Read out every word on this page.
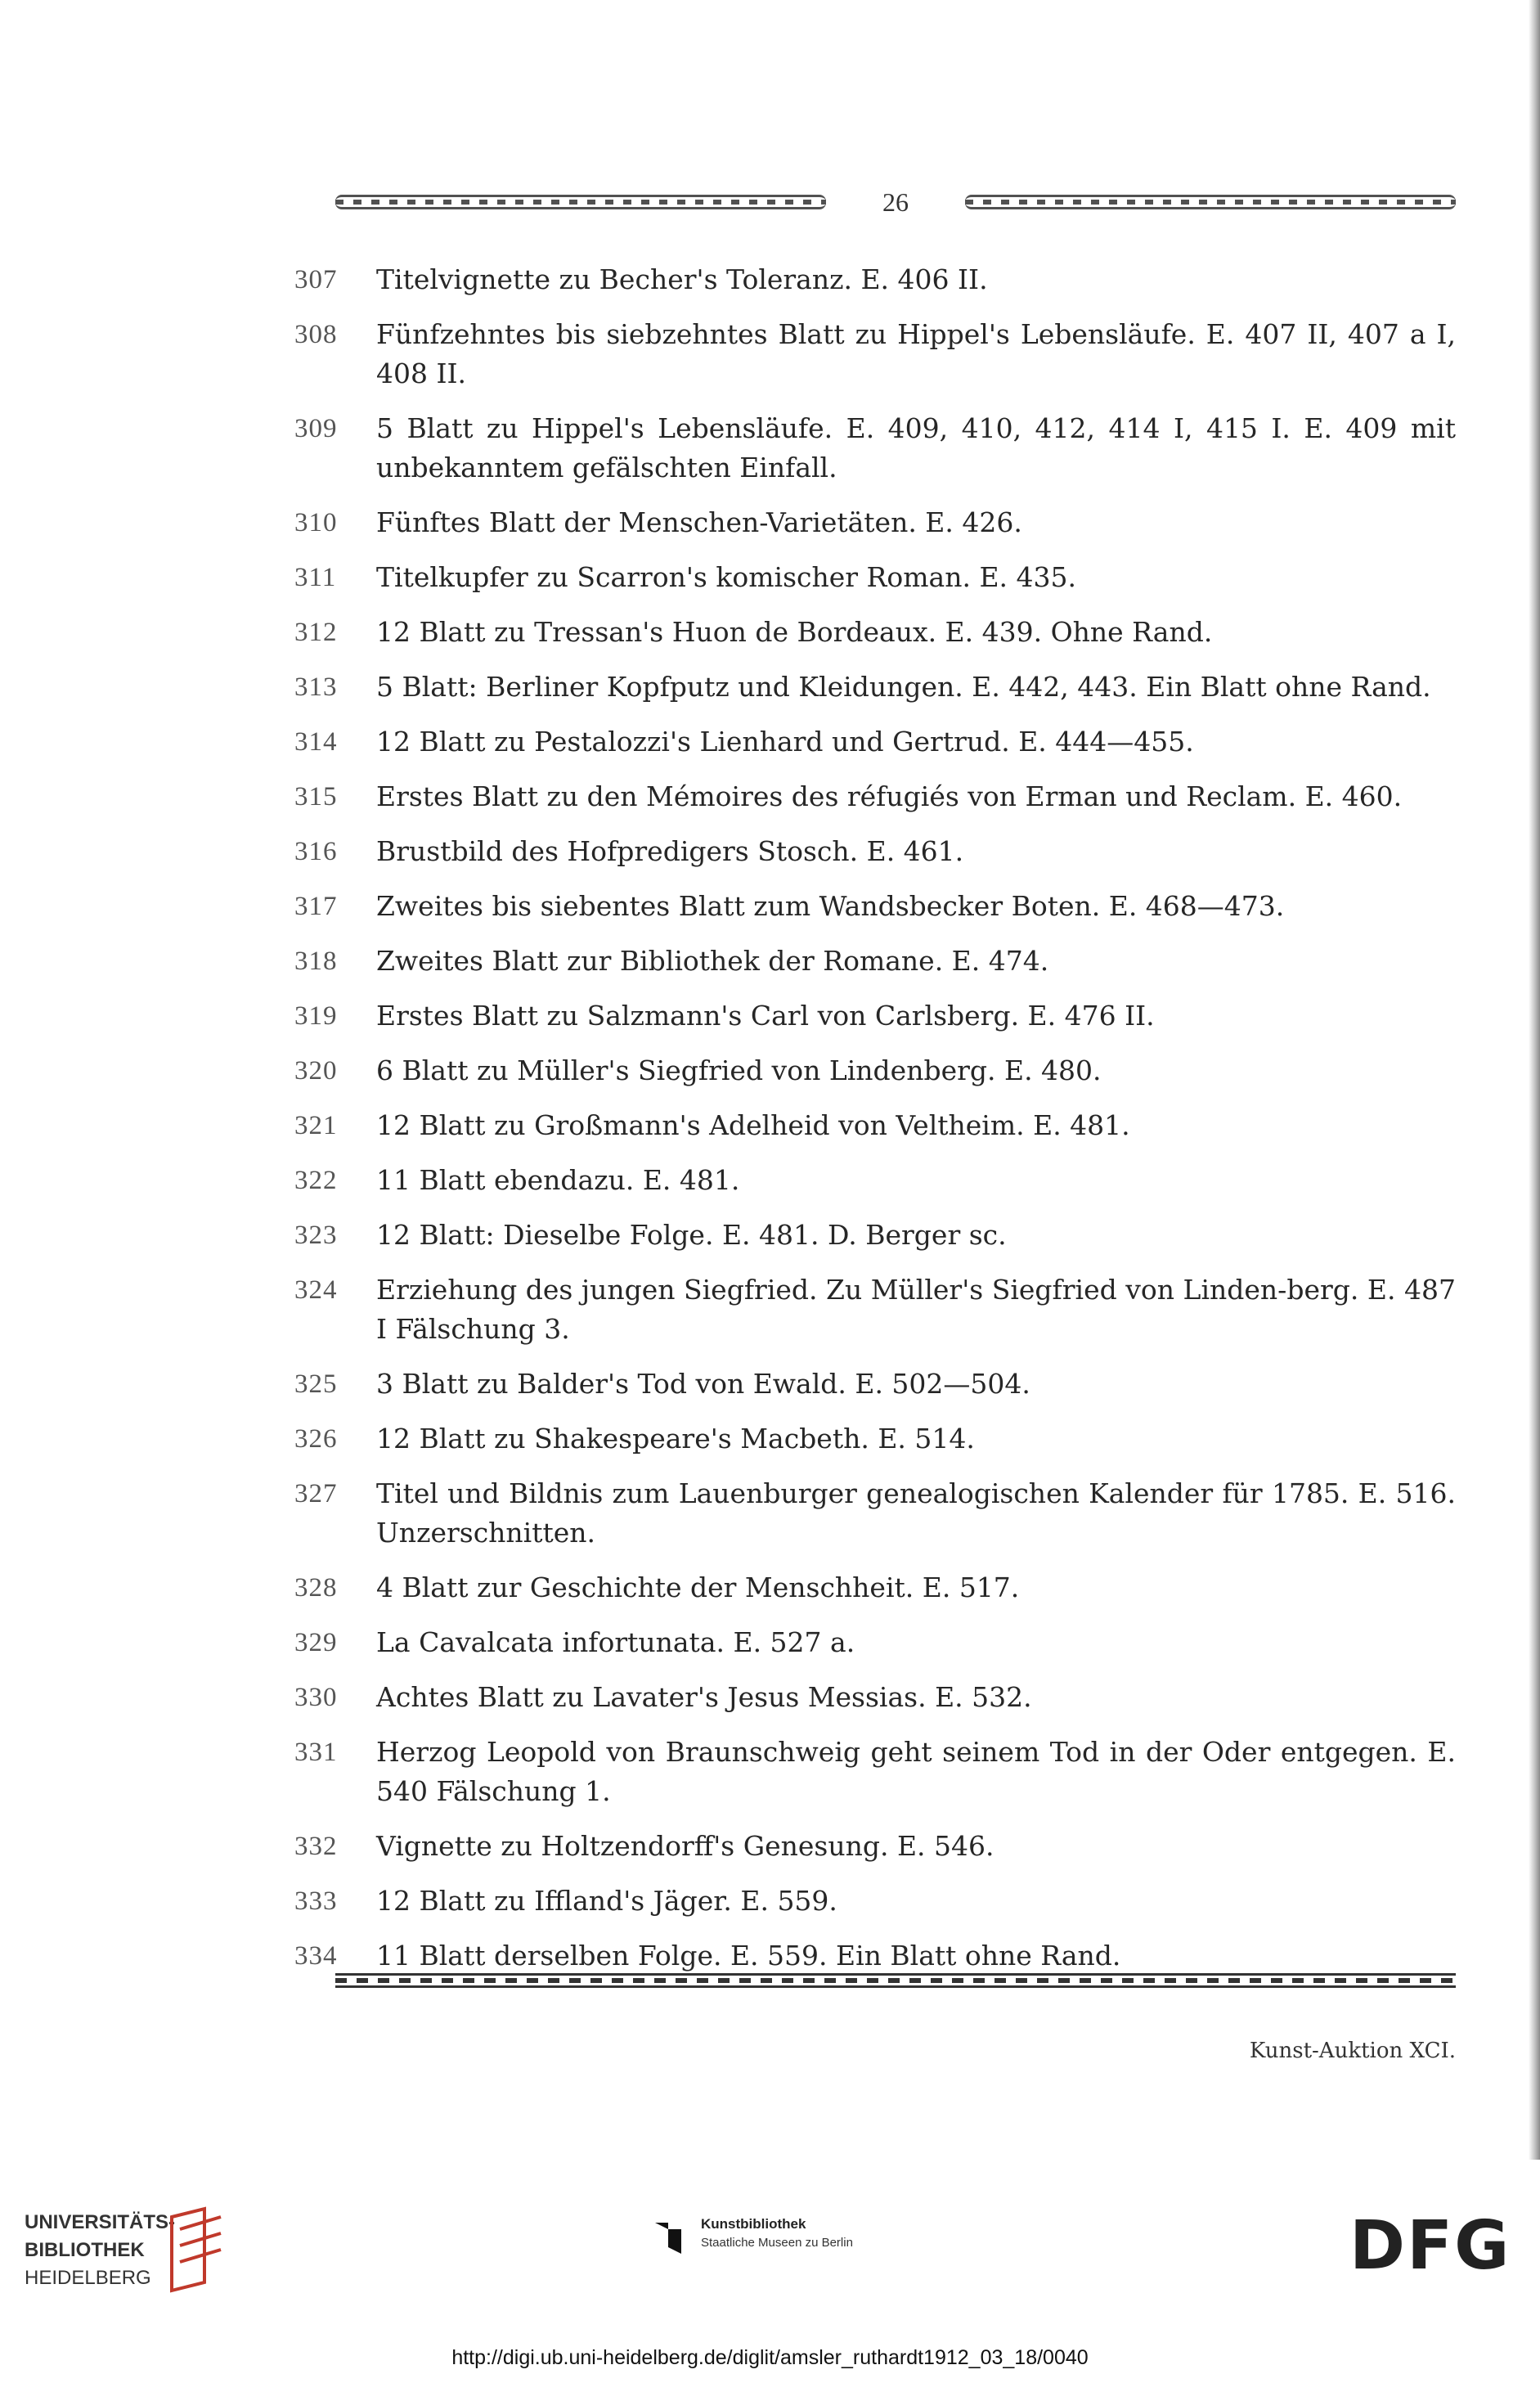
26
307	Titelvignette zu Becher's Toleranz. E. 406 II.
308	Fünfzehntes bis siebzehntes Blatt zu Hippel's Lebensläufe. E. 407 II, 407 a I, 408 II.
309	5 Blatt zu Hippel's Lebensläufe. E. 409, 410, 412, 414 I, 415 I. E. 409 mit unbekanntem gefälschten Einfall.
310	Fünftes Blatt der Menschen-Varietäten. E. 426.
311	Titelkupfer zu Scarron's komischer Roman. E. 435.
312	12 Blatt zu Tressan's Huon de Bordeaux. E. 439. Ohne Rand.
313	5 Blatt: Berliner Kopfputz und Kleidungen. E. 442, 443. Ein Blatt ohne Rand.
314	12 Blatt zu Pestalozzi's Lienhard und Gertrud. E. 444—455.
315	Erstes Blatt zu den Mémoires des réfugiés von Erman und Reclam. E. 460.
316	Brustbild des Hofpredigers Stosch. E. 461.
317	Zweites bis siebentes Blatt zum Wandsbecker Boten. E. 468—473.
318	Zweites Blatt zur Bibliothek der Romane. E. 474.
319	Erstes Blatt zu Salzmann's Carl von Carlsberg. E. 476 II.
320	6 Blatt zu Müller's Siegfried von Lindenberg. E. 480.
321	12 Blatt zu Großmann's Adelheid von Veltheim. E. 481.
322	11 Blatt ebendazu. E. 481.
323	12 Blatt: Dieselbe Folge. E. 481. D. Berger sc.
324	Erziehung des jungen Siegfried. Zu Müller's Siegfried von Linden-berg. E. 487 I Fälschung 3.
325	3 Blatt zu Balder's Tod von Ewald. E. 502—504.
326	12 Blatt zu Shakespeare's Macbeth. E. 514.
327	Titel und Bildnis zum Lauenburger genealogischen Kalender für 1785. E. 516. Unzerschnitten.
328	4 Blatt zur Geschichte der Menschheit. E. 517.
329	La Cavalcata infortunata. E. 527 a.
330	Achtes Blatt zu Lavater's Jesus Messias. E. 532.
331	Herzog Leopold von Braunschweig geht seinem Tod in der Oder entgegen. E. 540 Fälschung 1.
332	Vignette zu Holtzendorff's Genesung. E. 546.
333	12 Blatt zu Iffland's Jäger. E. 559.
334	11 Blatt derselben Folge. E. 559. Ein Blatt ohne Rand.
Kunst-Auktion XCI.
UNIVERSITÄTS-
BIBLIOTHEK
HEIDELBERG
Kunstbibliothek
Staatliche Museen zu Berlin	DFG
http://digi.ub.uni-heidelberg.de/diglit/amsler_ruthardt1912_03_18/0040
